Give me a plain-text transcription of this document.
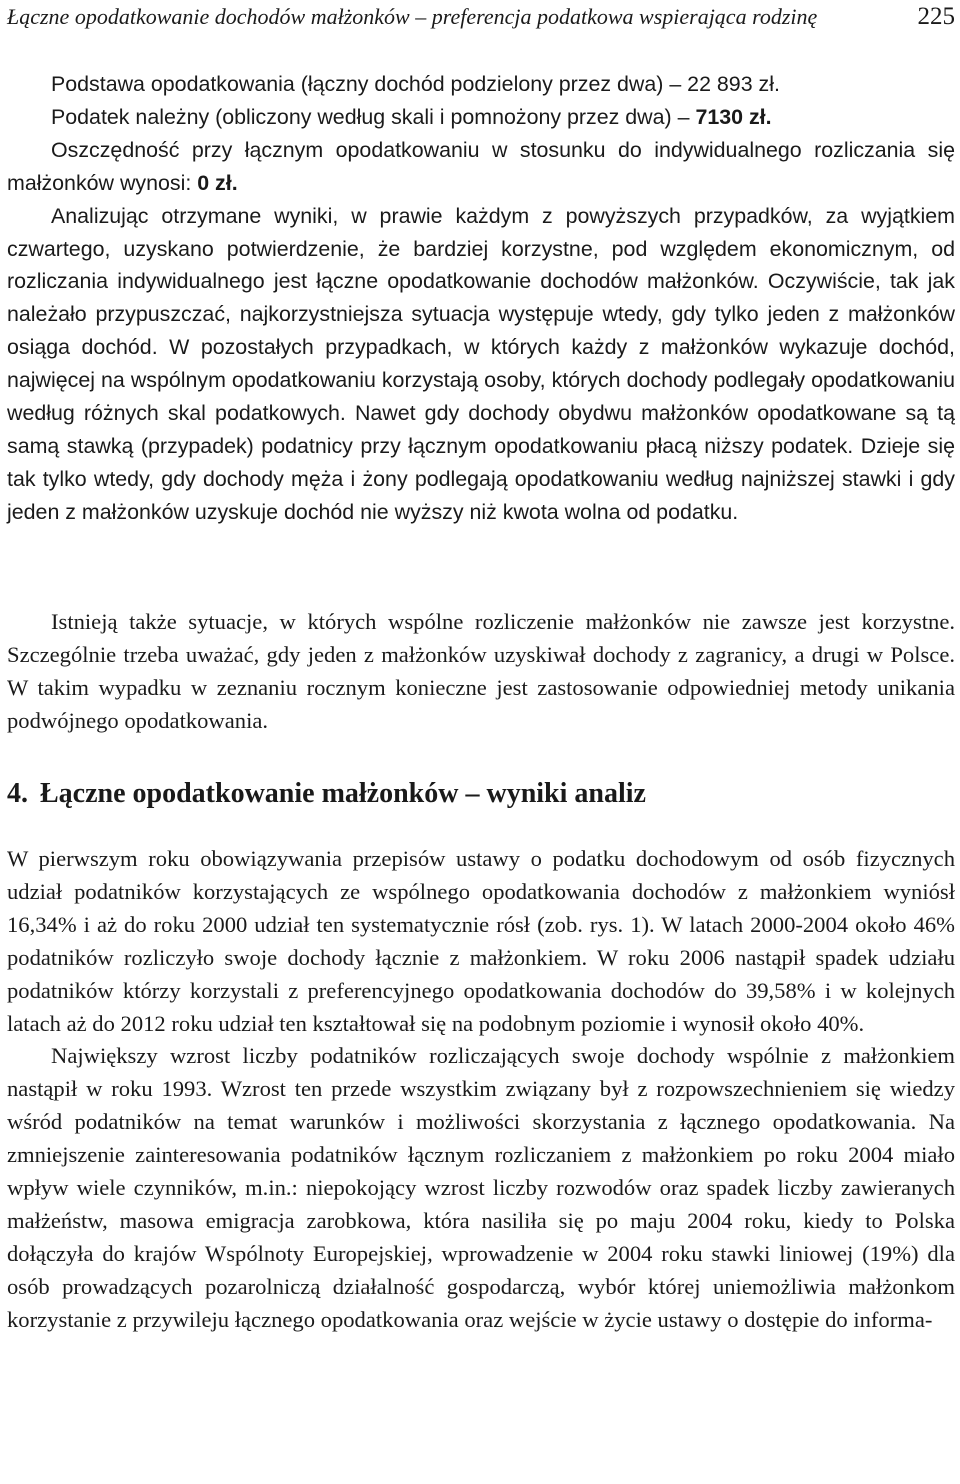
Łączne opodatkowanie dochodów małżonków – preferencja podatkowa wspierająca rodzinę	225

Podstawa opodatkowania (łączny dochód podzielony przez dwa) – 22 893 zł.

Podatek należny (obliczony według skali i pomnożony przez dwa) – 7130 zł.

Oszczędność przy łącznym opodatkowaniu w stosunku do indywidualnego rozliczania się małżonków wynosi: 0 zł.

Analizując otrzymane wyniki, w prawie każdym z powyższych przypadków, za wyjątkiem czwartego, uzyskano potwierdzenie, że bardziej korzystne, pod względem ekonomicznym, od rozliczania indywidualnego jest łączne opodatkowanie dochodów małżonków. Oczywiście, tak jak należało przypuszczać, najkorzystniejsza sytuacja występuje wtedy, gdy tylko jeden z małżonków osiąga dochód. W pozostałych przypadkach, w których każdy z małżonków wykazuje dochód, najwięcej na wspólnym opodatkowaniu korzystają osoby, których dochody podlegały opodatkowaniu według różnych skal podatkowych. Nawet gdy dochody obydwu małżonków opodatkowane są tą samą stawką (przypadek) podatnicy przy łącznym opodatkowaniu płacą niższy podatek. Dzieje się tak tylko wtedy, gdy dochody męża i żony podlegają opodatkowaniu według najniższej stawki i gdy jeden z małżonków uzyskuje dochód nie wyższy niż kwota wolna od podatku.

Istnieją także sytuacje, w których wspólne rozliczenie małżonków nie zawsze jest korzystne. Szczególnie trzeba uważać, gdy jeden z małżonków uzyskiwał dochody z zagranicy, a drugi w Polsce. W takim wypadku w zeznaniu rocznym konieczne jest zastosowanie odpowiedniej metody unikania podwójnego opodatkowania.

4. Łączne opodatkowanie małżonków – wyniki analiz

W pierwszym roku obowiązywania przepisów ustawy o podatku dochodowym od osób fizycznych udział podatników korzystających ze wspólnego opodatkowania dochodów z małżonkiem wyniósł 16,34% i aż do roku 2000 udział ten systematycznie rósł (zob. rys. 1). W latach 2000-2004 około 46% podatników rozliczyło swoje dochody łącznie z małżonkiem. W roku 2006 nastąpił spadek udziału podatników którzy korzystali z preferencyjnego opodatkowania dochodów do 39,58% i w kolejnych latach aż do 2012 roku udział ten kształtował się na podobnym poziomie i wynosił około 40%.

Największy wzrost liczby podatników rozliczających swoje dochody wspólnie z małżonkiem nastąpił w roku 1993. Wzrost ten przede wszystkim związany był z rozpowszechnieniem się wiedzy wśród podatników na temat warunków i możliwości skorzystania z łącznego opodatkowania. Na zmniejszenie zainteresowania podatników łącznym rozliczaniem z małżonkiem po roku 2004 miało wpływ wiele czynników, m.in.: niepokojący wzrost liczby rozwodów oraz spadek liczby zawieranych małżeństw, masowa emigracja zarobkowa, która nasiliła się po maju 2004 roku, kiedy to Polska dołączyła do krajów Wspólnoty Europejskiej, wprowadzenie w 2004 roku stawki liniowej (19%) dla osób prowadzących pozarolniczą działalność gospodarczą, wybór której uniemożliwia małżonkom korzystanie z przywileju łącznego opodatkowania oraz wejście w życie ustawy o dostępie do informa-
